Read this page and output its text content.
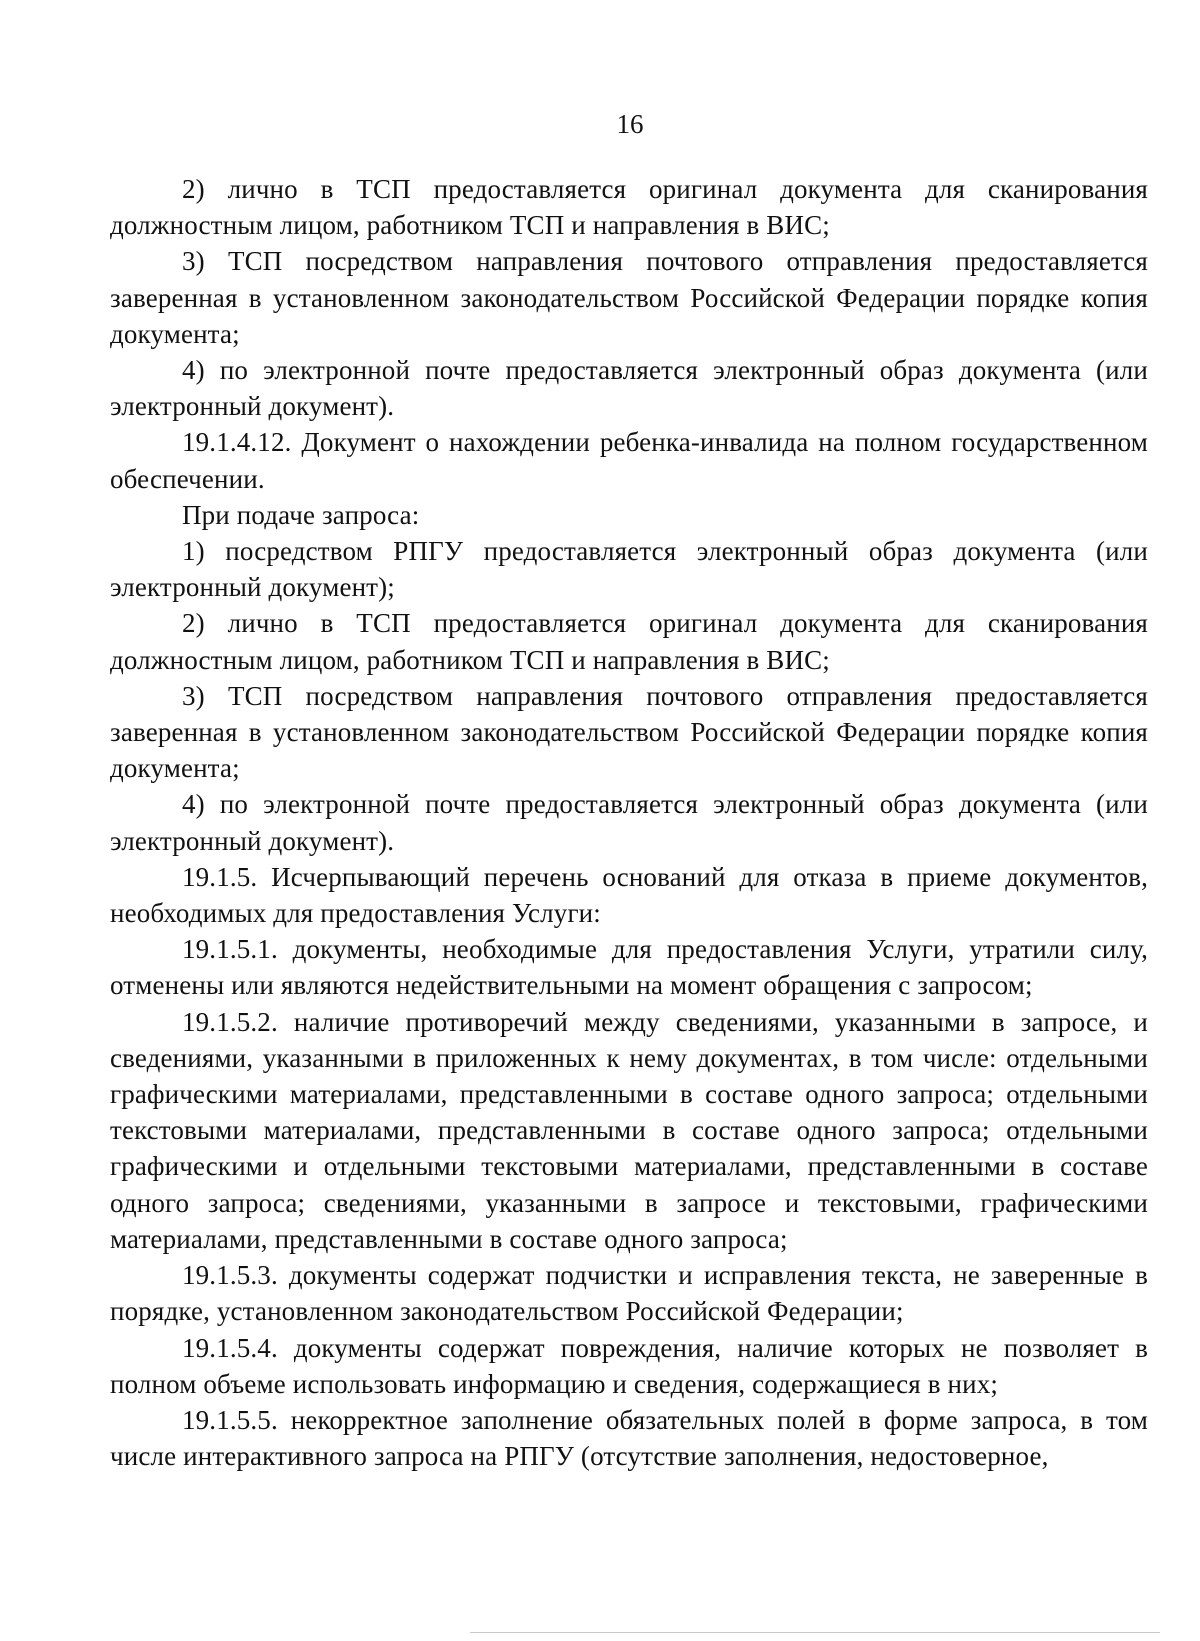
16

2) лично в ТСП предоставляется оригинал документа для сканирования должностным лицом, работником ТСП и направления в ВИС;

3) ТСП посредством направления почтового отправления предоставляется заверенная в установленном законодательством Российской Федерации порядке копия документа;

4) по электронной почте предоставляется электронный образ документа (или электронный документ).

19.1.4.12. Документ о нахождении ребенка-инвалида на полном государственном обеспечении.

При подаче запроса:

1) посредством РПГУ предоставляется электронный образ документа (или электронный документ);

2) лично в ТСП предоставляется оригинал документа для сканирования должностным лицом, работником ТСП и направления в ВИС;

3) ТСП посредством направления почтового отправления предоставляется заверенная в установленном законодательством Российской Федерации порядке копия документа;

4) по электронной почте предоставляется электронный образ документа (или электронный документ).

19.1.5. Исчерпывающий перечень оснований для отказа в приеме документов, необходимых для предоставления Услуги:

19.1.5.1. документы, необходимые для предоставления Услуги, утратили силу, отменены или являются недействительными на момент обращения с запросом;

19.1.5.2. наличие противоречий между сведениями, указанными в запросе, и сведениями, указанными в приложенных к нему документах, в том числе: отдельными графическими материалами, представленными в составе одного запроса; отдельными текстовыми материалами, представленными в составе одного запроса; отдельными графическими и отдельными текстовыми материалами, представленными в составе одного запроса; сведениями, указанными в запросе и текстовыми, графическими материалами, представленными в составе одного запроса;

19.1.5.3. документы содержат подчистки и исправления текста, не заверенные в порядке, установленном законодательством Российской Федерации;

19.1.5.4. документы содержат повреждения, наличие которых не позволяет в полном объеме использовать информацию и сведения, содержащиеся в них;

19.1.5.5. некорректное заполнение обязательных полей в форме запроса, в том числе интерактивного запроса на РПГУ (отсутствие заполнения, недостоверное,
